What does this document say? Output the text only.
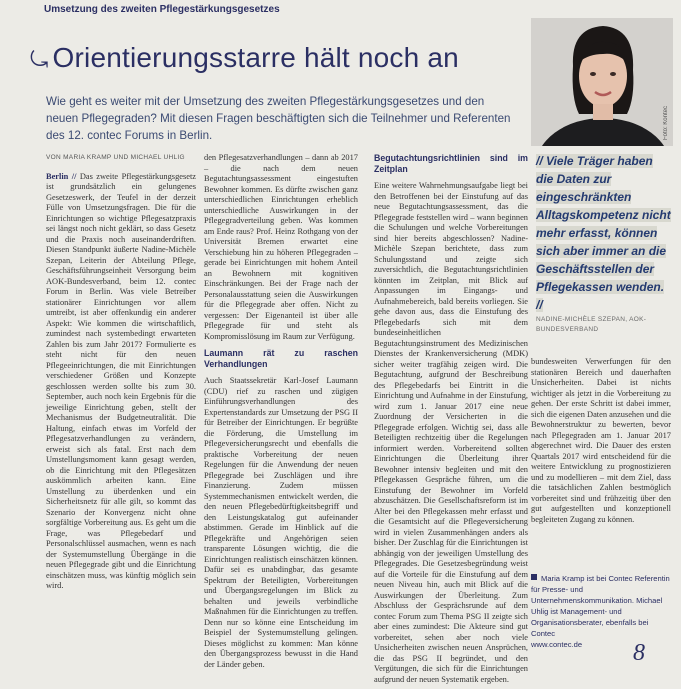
Umsetzung des zweiten Pflegestärkungsgesetzes
⤿ Orientierungsstarre hält noch an
Wie geht es weiter mit der Umsetzung des zweiten Pflegestärkungsgesetzes und den neuen Pflegegraden? Mit diesen Fragen beschäftigten sich die Teilnehmer und Referenten des 12. contec Forums in Berlin.	Foto: Kontec
// Viele Träger haben die Daten zur eingeschränkten Alltagskompetenz nicht mehr erfasst, können sich aber immer an die Geschäftsstellen der Pflegekassen wenden. //
NADINE-MICHÈLE SZEPAN, AOK-BUNDESVERBAND
VON MARIA KRAMP UND MICHAEL UHLIG

Berlin // Das zweite Pflegestärkungsgesetz ist grundsätzlich ein gelungenes Gesetzeswerk, der Teufel in der derzeit Fülle von Umsetzungsfragen. Die für die Einrichtungen so wichtige Pflegesatzpraxis sei längst noch nicht geklärt, so dass Gesetz und die Praxis noch auseinanderdriften. Diesen Standpunkt äußerte Nadine-Michèle Szepan, Leiterin der Abteilung Pflege, Geschäftsführungseinheit Versorgung beim AOK-Bundesverband, beim 12. contec Forum in Berlin. Was viele Betreiber stationärer Einrichtungen vor allem umtreibt, ist aber offenkundig ein anderer Aspekt: Wie kommen die wirtschaftlich, zumindest nach systembedingt erwarteten Zahlen bis zum Jahr 2017? Formulierte es steht nicht für den neuen Pflegeeinrichtungen, die mit Einrichtungen verschiedener Größen und Konzepte geschlossen werden sollte bis zum 30. September, auch noch kein Ergebnis für die jeweilige Einrichtung geben, stellt der Mechanismus der Budgetneutralität. Die Haltung, einfach etwas im Vorfeld der Pflegesatzverhandlungen zu verändern, erweist sich als fatal. Erst nach dem Umstellungsmoment kann gesagt werden, ob die Einrichtung mit den Pflegesätzen auskömmlich arbeiten kann. Eine Umstellung zu überdenken und ein Sicherheitsnetz für alle gilt, so kommt das Szenario der Konvergenz nicht ohne sorgfältige Vorbereitung aus. Es geht um die Frage, was Pflegebedarf und Personalschlüssel ausmachen, wenn es nach der Systemumstellung Übergänge in die neuen Pflegegrade gibt und die Einrichtung einschätzen muss, was künftig möglich sein wird.

den Pflegesatzverhandlungen – dann ab 2017 – die nach dem neuen Begutachtungsassessment eingestuften Bewohner kommen. Es dürfte zwischen ganz unterschiedlichen Einrichtungen erheblich unterschiedliche Auswirkungen in der Pflegegradverteilung geben. Was kommen am Ende raus? Prof. Heinz Rothgang von der Universität Bremen erwartet eine Verschiebung hin zu höheren Pflegegraden – gerade bei Einrichtungen mit hohem Anteil an Bewohnern mit kognitiven Einschränkungen. Bei der Frage nach der Personalausstattung seien die Auswirkungen für die Pflegegrade aber offen. Nicht zu vergessen: Der Eigenanteil ist über alle Pflegegrade für und steht als Kompromisslösung im Raum zur Verfügung.

Laumann rät zu raschen Verhandlungen

Auch Staatssekretär Karl-Josef Laumann (CDU) rief zu raschen und zügigen Einführungsverhandlungen des Expertenstandards zur Umsetzung der PSG II für Betreiber der Einrichtungen. Er begrüßte die Förderung, die Umstellung im Pflegeversicherungsrecht und ebenfalls die praktische Vorbereitung der neuen Regelungen für die Anwendung der neuen Pflegegrade bei Zuschlägen und ihre Finanzierung. Zudem müssen Systemmechanismen entwickelt werden, die den neuen Pflegebedürftigkeitsbegriff und den Leistungskatalog gut aufeinander abstimmen. Gerade im Hinblick auf die Pflegekräfte und Angehörigen seien transparente Lösungen wichtig, die die Einrichtungen realistisch einschätzen können. Dafür sei es unabdingbar, das gesamte Spektrum der Beteiligten, Vorbereitungen und Übergangsregelungen im Blick zu behalten und jeweils verbindliche Maßnahmen für die Einrichtungen zu treffen. Denn nur so könne eine Entscheidung im Beispiel der Systemumstellung gelingen. Dieses möglichst zu kommen: Man könne den Übergangsprozess bewusst in die Hand der Länder geben.

Begutachtungsrichtlinien sind im Zeitplan

Eine weitere Wahrnehmungsaufgabe liegt bei den Betroffenen bei der Einstufung auf das neue Begutachtungsassessment, das die Pflegegrade feststellen wird – wann beginnen die Schulungen und welche Vorbereitungen sind hier bereits abgeschlossen? Nadine-Michèle Szepan berichtete, dass zum Schulungsstand und zeigte sich zuversichtlich, die Begutachtungsrichtlinien könnten im Zeitplan, mit Blick auf Anpassungen im Eingangs- und Aufnahmebereich, bald bereits vorliegen. Sie gehe davon aus, dass die Einstufung des Pflegebedarfs sich mit dem bundeseinheitlichen Begutachtungsinstrument des Medizinischen Dienstes der Krankenversicherung (MDK) sicher weiter tragfähig zeigen wird. Die Begutachtung, aufgrund der Beschreibung des Pflegebedarfs bei Eintritt in die Einrichtung und Aufnahme in der Einstufung, wird zum 1. Januar 2017 eine neue Zuordnung der Versicherten in die Pflegegrade erfolgen. Wichtig sei, dass alle Beteiligten rechtzeitig über die Regelungen informiert werden. Vorbereitend sollten Einrichtungen die Überleitung ihrer Bewohner intensiv begleiten und mit den Pflegekassen Gespräche führen, um die Einstufung der Bewohner im Vorfeld abzuschätzen. Die Gesellschaftsreform ist im Alter bei den Pflegekassen mehr erfasst und die Gesamtsicht auf die Pflegeversicherung wird in vielen Zusammenhängen anders als bisher. Der Zuschlag für die Einrichtungen ist abhängig von der jeweiligen Umstellung des Pflegegrades. Die Gesetzesbegründung weist auf die Vorteile für die Einstufung auf dem neuen Niveau hin, auch mit Blick auf die Auswirkungen der Überleitung. Zum Abschluss der Gesprächsrunde auf dem contec Forum zum Thema PSG II zeigte sich aber eines zumindest: Die Akteure sind gut vorbereitet, sehen aber noch viele Unsicherheiten zwischen neuen Ansprüchen, die das PSG II begründet, und den Vergütungen, die sich für die Einrichtungen aufgrund der neuen Systematik ergeben.

bundesweiten Verwerfungen für den stationären Bereich und dauerhaften Unsicherheiten. Dabei ist nichts wichtiger als jetzt in die Vorbereitung zu gehen. Der erste Schritt ist dabei immer, sich die eigenen Daten anzusehen und die Bewohnerstruktur zu bewerten, bevor nach Pflegegraden am 1. Januar 2017 abgerechnet wird. Die Dauer des ersten Quartals 2017 wird entscheidend für die weitere Entwicklung zu prognostizieren und zu modellieren – mit dem Ziel, dass die tatsächlichen Zahlen bestmöglich vorbereitet sind und frühzeitig über den gut aufgestellten und konzeptionell begleiteten Zugang zu können.

Maria Kramp ist bei Contec Referentin für Presse- und Unternehmenskommunikation. Michael Uhlig ist Management- und Organisationsberater, ebenfalls bei Contec
www.contec.de	8
